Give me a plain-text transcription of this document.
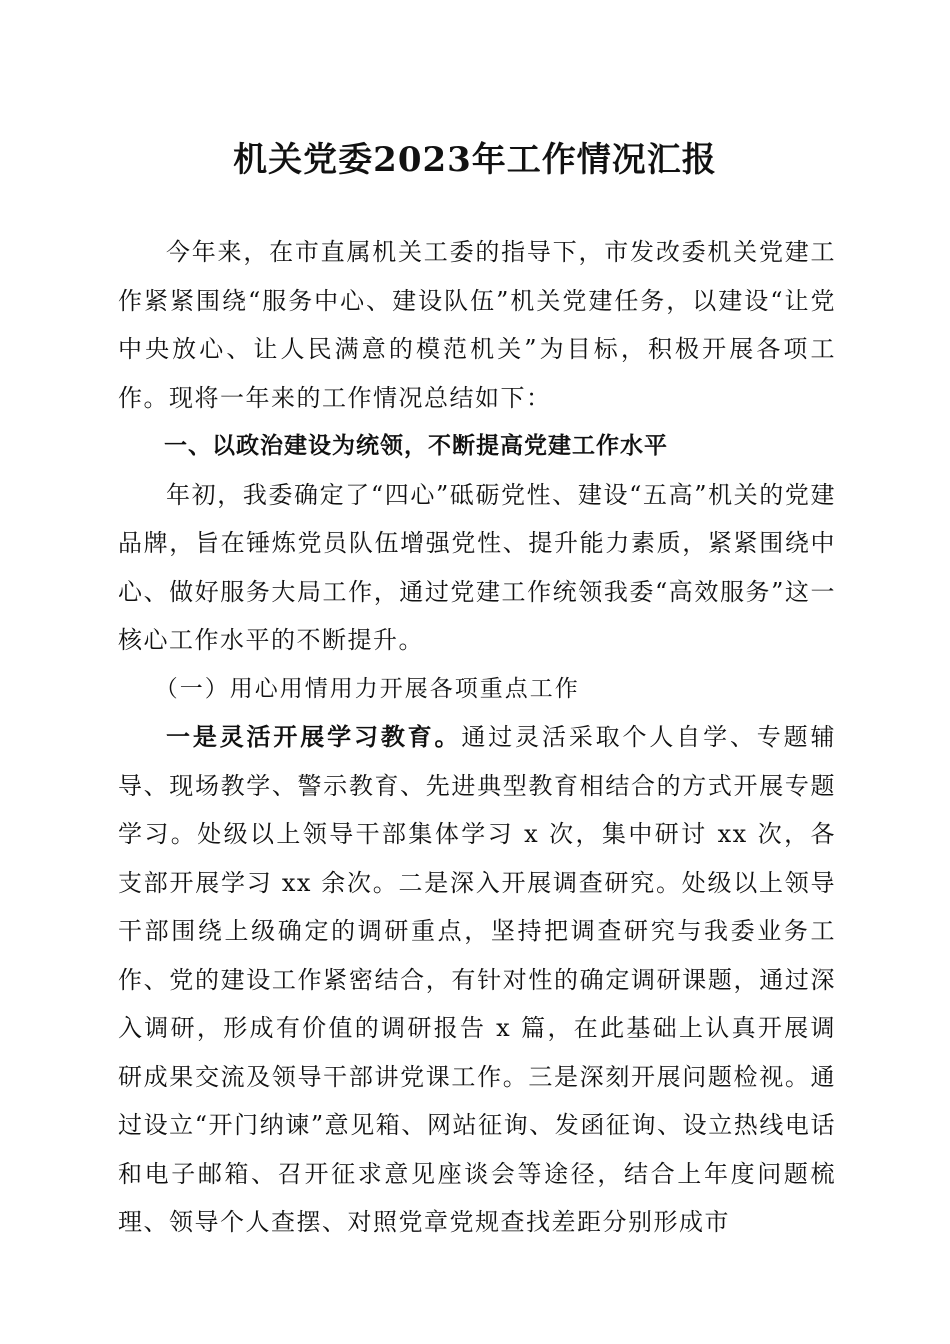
机关党委2023年工作情况汇报

今年来，在市直属机关工委的指导下，市发改委机关党建工作紧紧围绕“服务中心、建设队伍”机关党建任务，以建设“让党中央放心、让人民满意的模范机关”为目标，积极开展各项工作。现将一年来的工作情况总结如下：

一、以政治建设为统领，不断提高党建工作水平

年初，我委确定了“四心”砥砺党性、建设“五高”机关的党建品牌，旨在锤炼党员队伍增强党性、提升能力素质，紧紧围绕中心、做好服务大局工作，通过党建工作统领我委“高效服务”这一核心工作水平的不断提升。

（一）用心用情用力开展各项重点工作

一是灵活开展学习教育。通过灵活采取个人自学、专题辅导、现场教学、警示教育、先进典型教育相结合的方式开展专题学习。处级以上领导干部集体学习 x 次，集中研讨 xx 次，各支部开展学习 xx 余次。二是深入开展调查研究。处级以上领导干部围绕上级确定的调研重点，坚持把调查研究与我委业务工作、党的建设工作紧密结合，有针对性的确定调研课题，通过深入调研，形成有价值的调研报告 x 篇，在此基础上认真开展调研成果交流及领导干部讲党课工作。三是深刻开展问题检视。通过设立“开门纳谏”意见箱、网站征询、发函征询、设立热线电话和电子邮箱、召开征求意见座谈会等途径，结合上年度问题梳理、领导个人查摆、对照党章党规查找差距分别形成市
